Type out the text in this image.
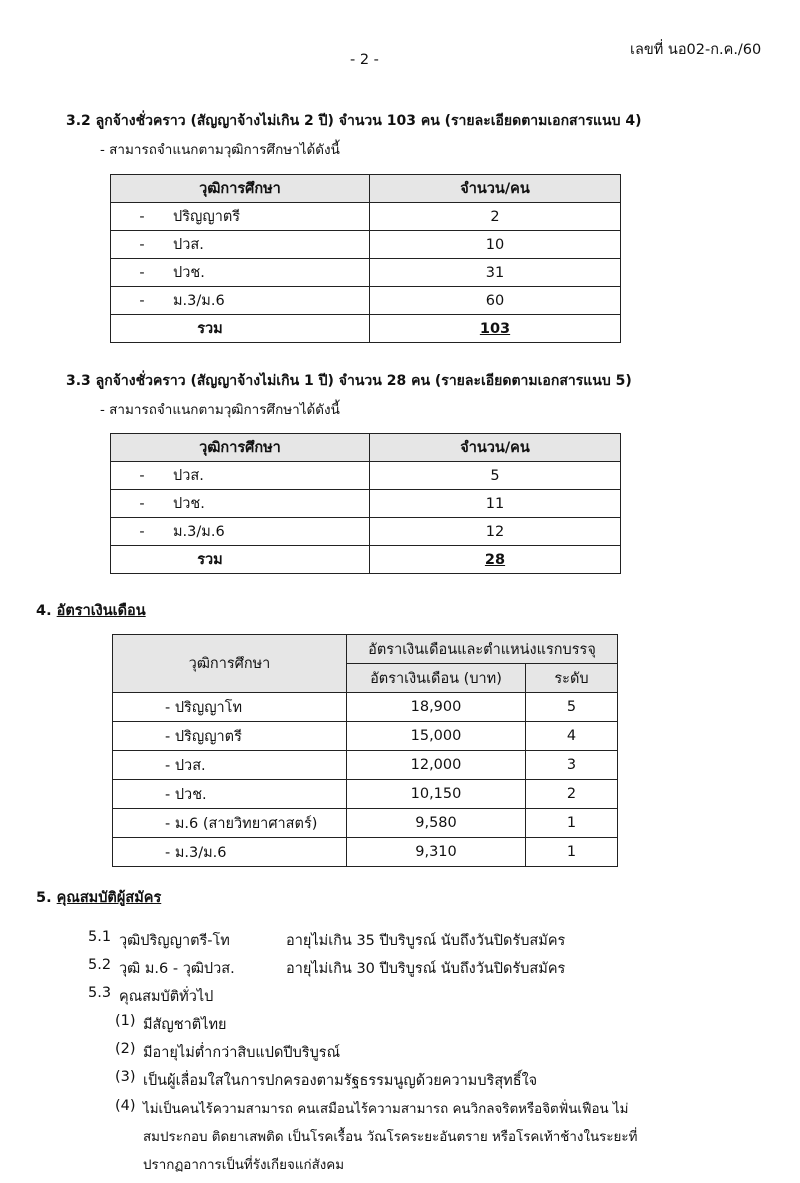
- 2 -
เลขที่ นอ02-ก.ค./60
3.2 ลูกจ้างชั่วคราว (สัญญาจ้างไม่เกิน 2 ปี) จำนวน 103 คน (รายละเอียดตามเอกสารแนบ 4)
- สามารถจำแนกตามวุฒิการศึกษาได้ดังนี้
วุฒิการศึกษา	จำนวน/คน
- ปริญญาตรี	2
- ปวส.	10
- ปวช.	31
- ม.3/ม.6	60
รวม	103
3.3 ลูกจ้างชั่วคราว (สัญญาจ้างไม่เกิน 1 ปี) จำนวน 28 คน (รายละเอียดตามเอกสารแนบ 5)
- สามารถจำแนกตามวุฒิการศึกษาได้ดังนี้
วุฒิการศึกษา	จำนวน/คน
- ปวส.	5
- ปวช.	11
- ม.3/ม.6	12
รวม	28
4. อัตราเงินเดือน
วุฒิการศึกษา	อัตราเงินเดือนและตำแหน่งแรกบรรจุ	
	อัตราเงินเดือน (บาท)	ระดับ
- ปริญญาโท	18,900	5
- ปริญญาตรี	15,000	4
- ปวส.	12,000	3
- ปวช.	10,150	2
- ม.6 (สายวิทยาศาสตร์)	9,580	1
- ม.3/ม.6	9,310	1
5. คุณสมบัติผู้สมัคร
5.1 วุฒิปริญญาตรี-โท	อายุไม่เกิน 35 ปีบริบูรณ์ นับถึงวันปิดรับสมัคร
5.2 วุฒิ ม.6 - วุฒิปวส.	อายุไม่เกิน 30 ปีบริบูรณ์ นับถึงวันปิดรับสมัคร
5.3 คุณสมบัติทั่วไป
(1) มีสัญชาติไทย
(2) มีอายุไม่ต่ำกว่าสิบแปดปีบริบูรณ์
(3) เป็นผู้เลื่อมใสในการปกครองตามรัฐธรรมนูญด้วยความบริสุทธิ์ใจ
(4) ไม่เป็นคนไร้ความสามารถ คนเสมือนไร้ความสามารถ คนวิกลจริตหรือจิตฟั่นเฟือน ไม่
สมประกอบ ติดยาเสพติด เป็นโรคเรื้อน วัณโรคระยะอันตราย หรือโรคเท้าช้างในระยะที่
ปรากฏอาการเป็นที่รังเกียจแก่สังคม
